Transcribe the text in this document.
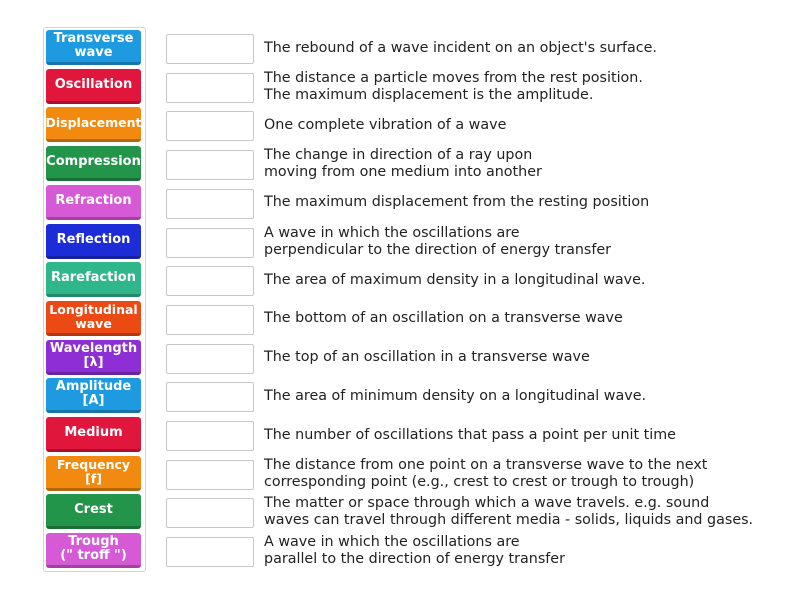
Transverse
wave
Oscillation
Displacement
Compression
Refraction
Reflection
Rarefaction
Longitudinal
wave
Wavelength
[λ]
Amplitude
[A]
Medium
Frequency [f]
Crest
Trough
(" troff ")
The rebound of a wave incident on an object's surface.
The distance a particle moves from the rest position.
The maximum displacement is the amplitude.
One complete vibration of a wave
The change in direction of a ray upon
moving from one medium into another
The maximum displacement from the resting position
A wave in which the oscillations are
perpendicular to the direction of energy transfer
The area of maximum density in a longitudinal wave.
The bottom of an oscillation on a transverse wave
The top of an oscillation in a transverse wave
The area of minimum density on a longitudinal wave.
The number of oscillations that pass a point per unit time
The distance from one point on a transverse wave to the next
corresponding point (e.g., crest to crest or trough to trough)
The matter or space through which a wave travels. e.g. sound
waves can travel through different media - solids, liquids and gases.
A wave in which the oscillations are
parallel to the direction of energy transfer
